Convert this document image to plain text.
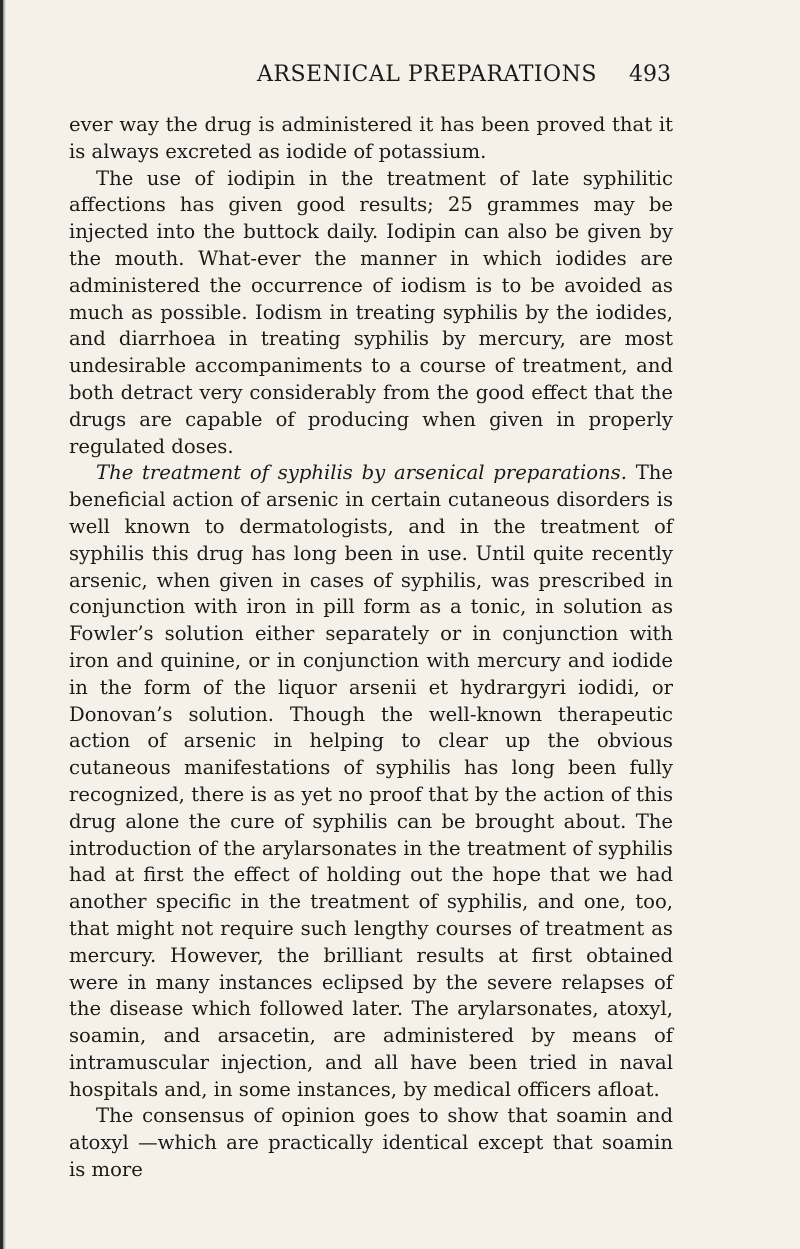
ARSENICAL PREPARATIONS 493

ever way the drug is administered it has been proved that it is always excreted as iodide of potassium.

The use of iodipin in the treatment of late syphilitic affections has given good results; 25 grammes may be injected into the buttock daily. Iodipin can also be given by the mouth. What-ever the manner in which iodides are administered the occurrence of iodism is to be avoided as much as possible. Iodism in treating syphilis by the iodides, and diarrhoea in treating syphilis by mercury, are most undesirable accompaniments to a course of treatment, and both detract very considerably from the good effect that the drugs are capable of producing when given in properly regulated doses.

The treatment of syphilis by arsenical preparations. The beneficial action of arsenic in certain cutaneous disorders is well known to dermatologists, and in the treatment of syphilis this drug has long been in use. Until quite recently arsenic, when given in cases of syphilis, was prescribed in conjunction with iron in pill form as a tonic, in solution as Fowler’s solution either separately or in conjunction with iron and quinine, or in conjunction with mercury and iodide in the form of the liquor arsenii et hydrargyri iodidi, or Donovan’s solution. Though the well-known therapeutic action of arsenic in helping to clear up the obvious cutaneous manifestations of syphilis has long been fully recognized, there is as yet no proof that by the action of this drug alone the cure of syphilis can be brought about. The introduction of the arylarsonates in the treatment of syphilis had at first the effect of holding out the hope that we had another specific in the treatment of syphilis, and one, too, that might not require such lengthy courses of treatment as mercury. However, the brilliant results at first obtained were in many instances eclipsed by the severe relapses of the disease which followed later. The arylarsonates, atoxyl, soamin, and arsacetin, are administered by means of intramuscular injection, and all have been tried in naval hospitals and, in some instances, by medical officers afloat.

The consensus of opinion goes to show that soamin and atoxyl —which are practically identical except that soamin is more
